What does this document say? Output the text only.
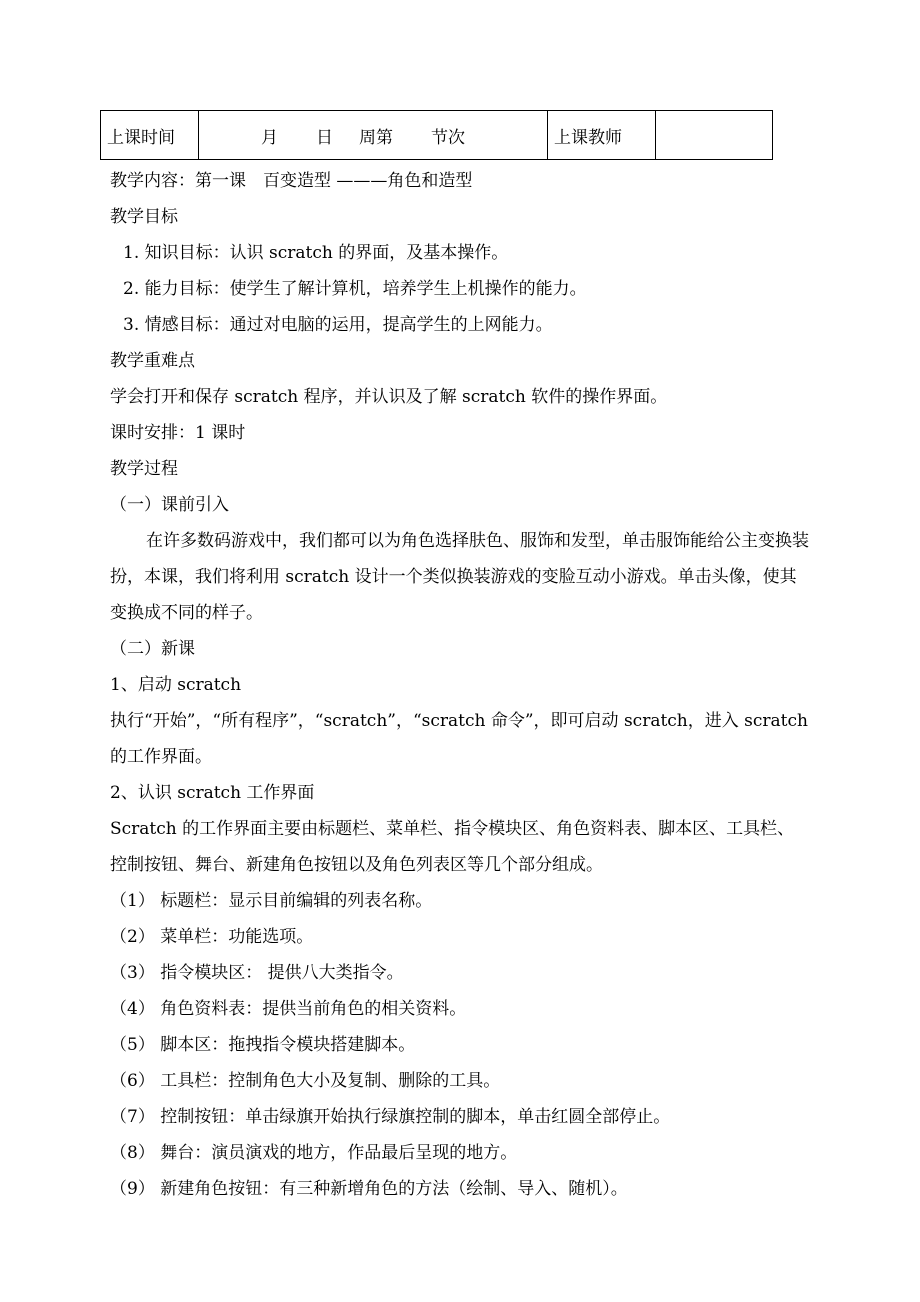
上课时间	月 日 周第 节次	上课教师	
教学内容：第一课　百变造型 ———角色和造型
教学目标
1. 知识目标：认识 scratch 的界面，及基本操作。
2. 能力目标：使学生了解计算机，培养学生上机操作的能力。
3. 情感目标：通过对电脑的运用，提高学生的上网能力。
教学重难点
学会打开和保存 scratch 程序，并认识及了解 scratch 软件的操作界面。
课时安排：1 课时
教学过程
（一）课前引入
在许多数码游戏中，我们都可以为角色选择肤色、服饰和发型，单击服饰能给公主变换装扮，本课，我们将利用 scratch 设计一个类似换装游戏的变脸互动小游戏。单击头像，使其变换成不同的样子。
（二）新课
1、启动 scratch
执行“开始”，“所有程序”，“scratch”，“scratch 命令”，即可启动 scratch，进入 scratch 的工作界面。
2、认识 scratch 工作界面
Scratch 的工作界面主要由标题栏、菜单栏、指令模块区、角色资料表、脚本区、工具栏、控制按钮、舞台、新建角色按钮以及角色列表区等几个部分组成。
（1） 标题栏：显示目前编辑的列表名称。
（2） 菜单栏：功能选项。
（3） 指令模块区： 提供八大类指令。
（4） 角色资料表：提供当前角色的相关资料。
（5） 脚本区：拖拽指令模块搭建脚本。
（6） 工具栏：控制角色大小及复制、删除的工具。
（7） 控制按钮：单击绿旗开始执行绿旗控制的脚本，单击红圆全部停止。
（8） 舞台：演员演戏的地方，作品最后呈现的地方。
（9） 新建角色按钮：有三种新增角色的方法（绘制、导入、随机）。
